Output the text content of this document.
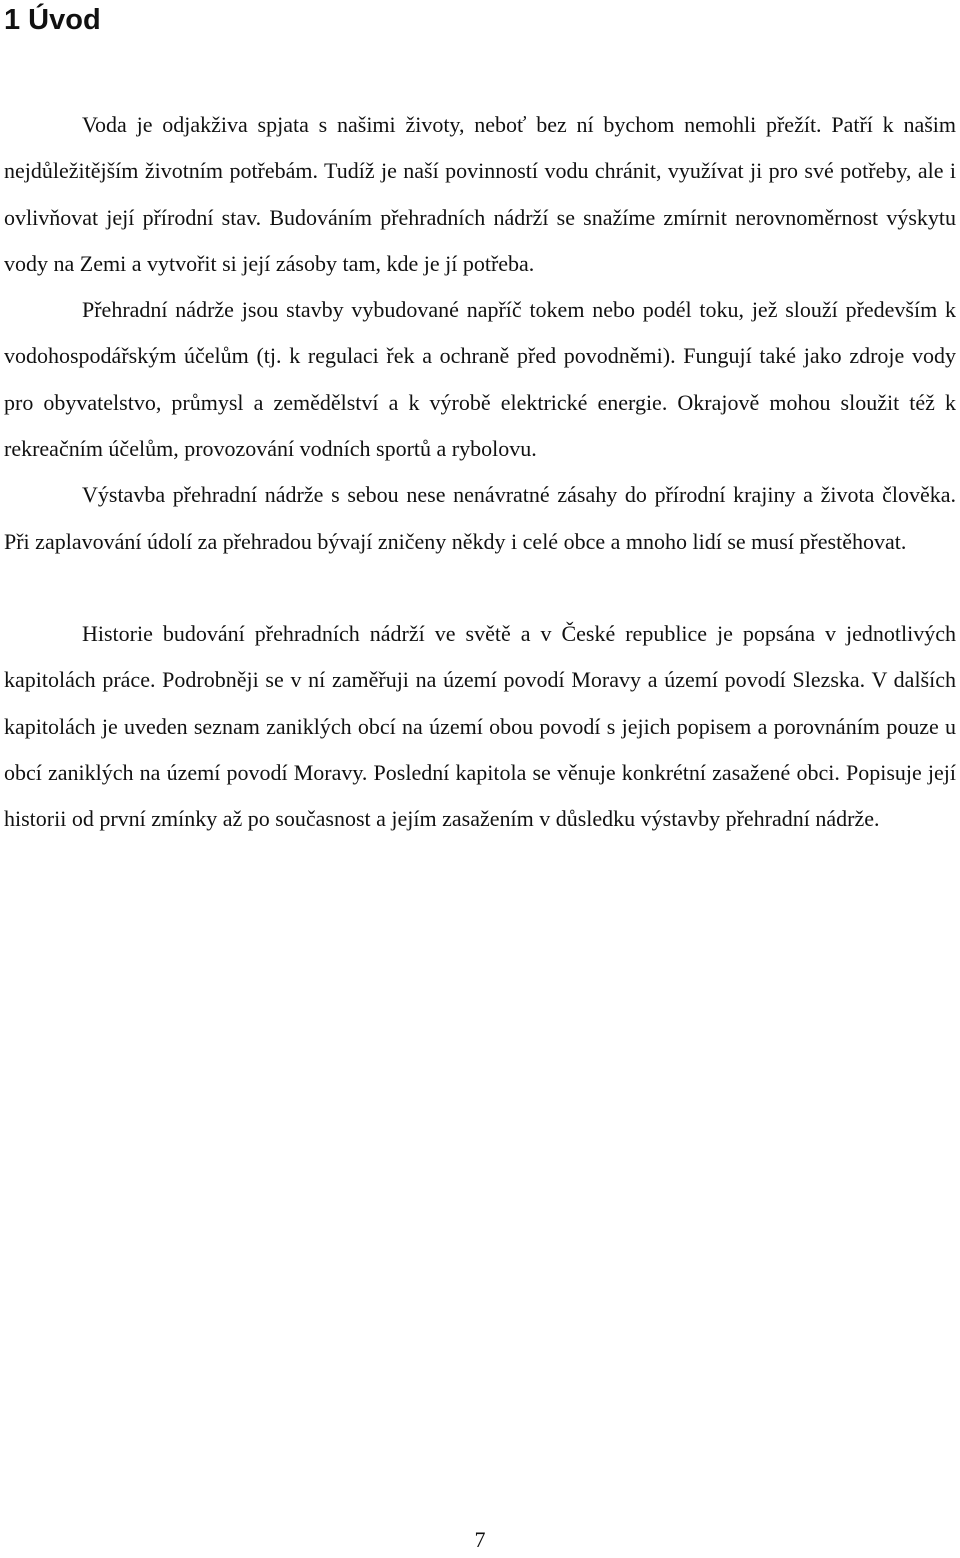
1 Úvod

Voda je odjakživa spjata s našimi životy, neboť bez ní bychom nemohli přežít. Patří k našim nejdůležitějším životním potřebám. Tudíž je naší povinností vodu chránit, využívat ji pro své potřeby, ale i ovlivňovat její přírodní stav. Budováním přehradních nádrží se snažíme zmírnit nerovnoměrnost výskytu vody na Zemi a vytvořit si její zásoby tam, kde je jí potřeba.

Přehradní nádrže jsou stavby vybudované napříč tokem nebo podél toku, jež slouží především k vodohospodářským účelům (tj. k regulaci řek a ochraně před povodněmi). Fungují také jako zdroje vody pro obyvatelstvo, průmysl a zemědělství a k výrobě elektrické energie. Okrajově mohou sloužit též k rekreačním účelům, provozování vodních sportů a rybolovu.

Výstavba přehradní nádrže s sebou nese nenávratné zásahy do přírodní krajiny a života člověka. Při zaplavování údolí za přehradou bývají zničeny někdy i celé obce a mnoho lidí se musí přestěhovat.

Historie budování přehradních nádrží ve světě a v České republice je popsána v jednotlivých kapitolách práce. Podrobněji se v ní zaměřuji na území povodí Moravy a území povodí Slezska. V dalších kapitolách je uveden seznam zaniklých obcí na území obou povodí s jejich popisem a porovnáním pouze u obcí zaniklých na území povodí Moravy. Poslední kapitola se věnuje konkrétní zasažené obci. Popisuje její historii od první zmínky až po současnost a jejím zasažením v důsledku výstavby přehradní nádrže.

7
